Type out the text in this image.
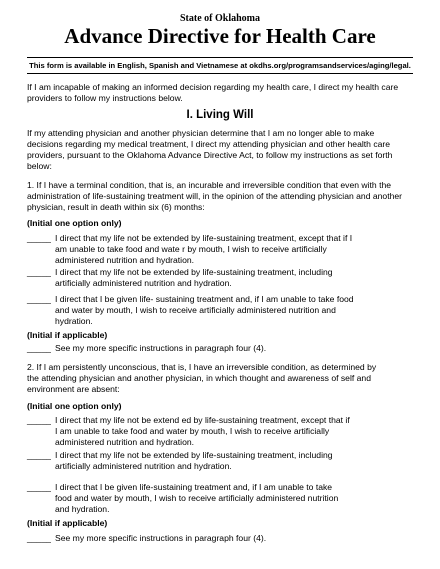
State of Oklahoma
Advance Directive for Health Care
This form is available in English, Spanish and Vietnamese at okdhs.org/programsandservices/aging/legal.
If I am incapable of making an informed decision regarding my health care, I direct my health care
providers to follow my instructions below.
I. Living Will
If my attending physician and another physician determine that I am no longer able to make
decisions regarding my medical treatment, I direct my attending physician and other health care
providers, pursuant to the Oklahoma Advance Directive Act, to follow my instructions as set forth
below:
1. If I have a terminal condition, that is, an incurable and irreversible condition that even with the
administration of life-sustaining treatment will, in the opinion of the attending physician and another
physician, result in death within six (6) months:
(Initial one option only)
_____ I direct that my life not be extended by life-sustaining treatment, except that if I
am unable to take food and wate r by mouth, I wish to receive artificially
administered nutrition and hydration.
_____ I direct that my life not be extended by life-sustaining treatment, including
artificially administered nutrition and hydration.
_____ I direct that I be given life- sustaining treatment and, if I am unable to take food
and water by mouth, I wish to receive artificially administered nutrition and
hydration.
(Initial if applicable)
_____ See my more specific instructions in paragraph four (4).
2. If I am persistently unconscious, that is, I have an irreversible condition, as determined by
the attending physician and another physician, in which thought and awareness of self and
environment are absent:
(Initial one option only)
_____ I direct that my life not be extend ed by life-sustaining treatment, except that if
I am unable to take food and water by mouth, I wish to receive artificially
administered nutrition and hydration.
_____ I direct that my life not be extended by life-sustaining treatment, including
artificially administered nutrition and hydration.
_____ I direct that I be given life-sustaining treatment and, if I am unable to take
food and water by mouth, I wish to receive artificially administered nutrition
and hydration.
(Initial if applicable)
_____ See my more specific instructions in paragraph four (4).
